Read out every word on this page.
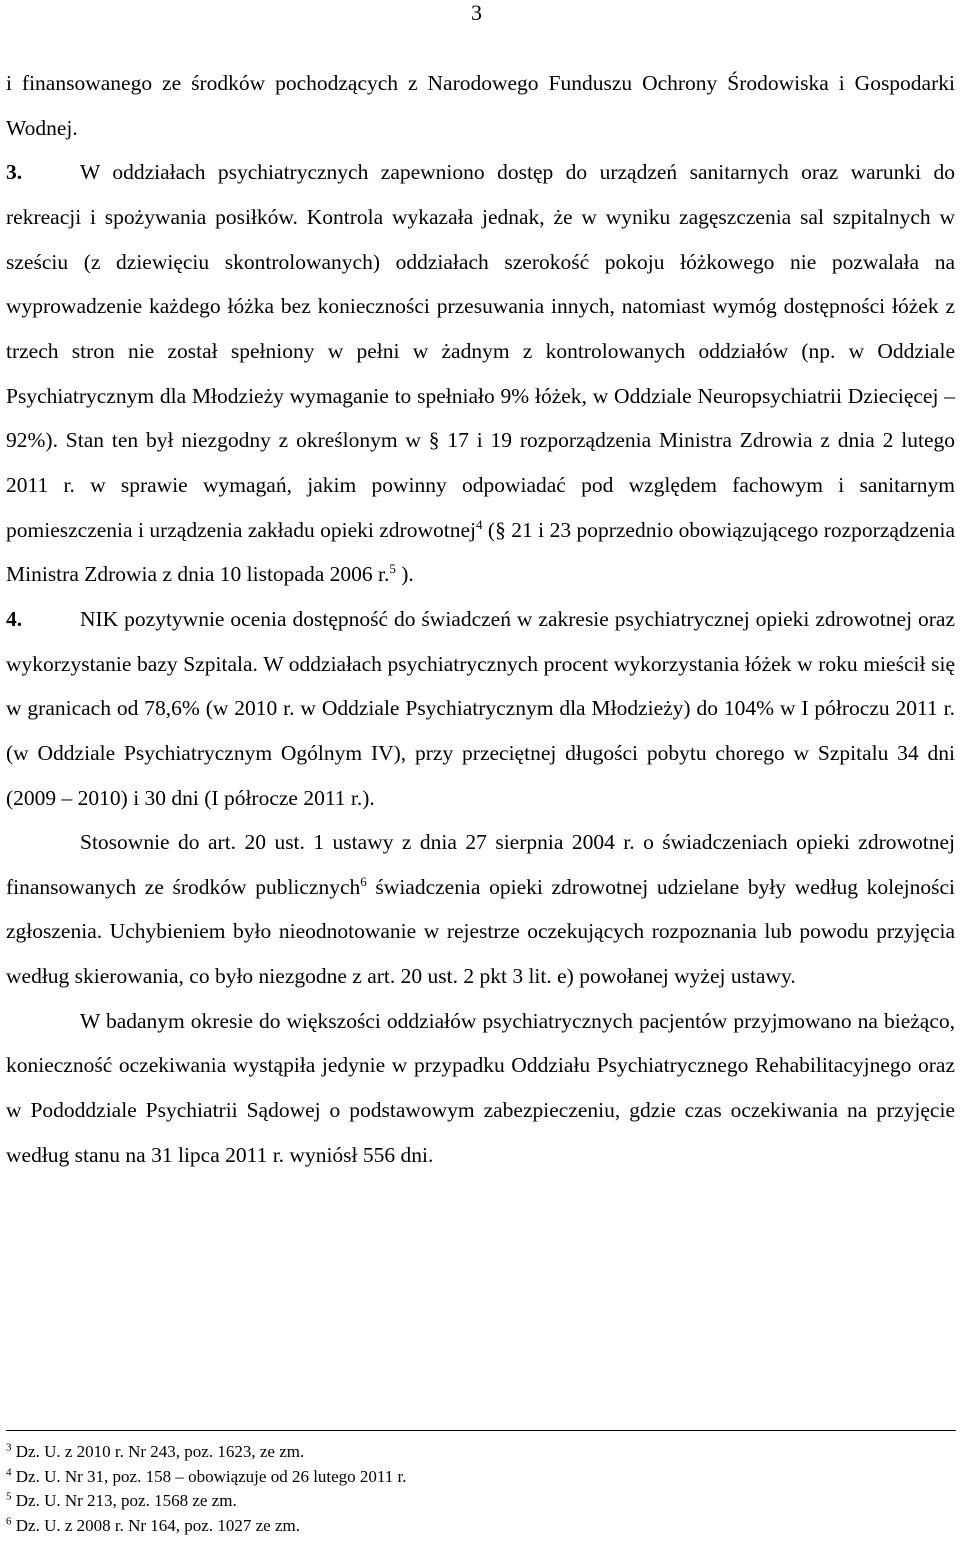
3

i finansowanego ze środków pochodzących z Narodowego Funduszu Ochrony Środowiska i Gospodarki Wodnej.

3.	W oddziałach psychiatrycznych zapewniono dostęp do urządzeń sanitarnych oraz warunki do rekreacji i spożywania posiłków. Kontrola wykazała jednak, że w wyniku zagęszczenia sal szpitalnych w sześciu (z dziewięciu skontrolowanych) oddziałach szerokość pokoju łóżkowego nie pozwalała na wyprowadzenie każdego łóżka bez konieczności przesuwania innych, natomiast wymóg dostępności łóżek z trzech stron nie został spełniony w pełni w żadnym z kontrolowanych oddziałów (np. w Oddziale Psychiatrycznym dla Młodzieży wymaganie to spełniało 9% łóżek, w Oddziale Neuropsychiatrii Dziecięcej – 92%). Stan ten był niezgodny z określonym w § 17 i 19 rozporządzenia Ministra Zdrowia z dnia 2 lutego 2011 r. w sprawie wymagań, jakim powinny odpowiadać pod względem fachowym i sanitarnym pomieszczenia i urządzenia zakładu opieki zdrowotnej$^4$ (§ 21 i 23 poprzednio obowiązującego rozporządzenia Ministra Zdrowia z dnia 10 listopada 2006 r.$^5$ ).

4.	NIK pozytywnie ocenia dostępność do świadczeń w zakresie psychiatrycznej opieki zdrowotnej oraz wykorzystanie bazy Szpitala. W oddziałach psychiatrycznych procent wykorzystania łóżek w roku mieścił się w granicach od 78,6% (w 2010 r. w Oddziale Psychiatrycznym dla Młodzieży) do 104% w I półroczu 2011 r. (w Oddziale Psychiatrycznym Ogólnym IV), przy przeciętnej długości pobytu chorego w Szpitalu 34 dni (2009 – 2010) i 30 dni (I półrocze 2011 r.).

Stosownie do art. 20 ust. 1 ustawy z dnia 27 sierpnia 2004 r. o świadczeniach opieki zdrowotnej finansowanych ze środków publicznych$^6$ świadczenia opieki zdrowotnej udzielane były według kolejności zgłoszenia. Uchybieniem było nieodnotowanie w rejestrze oczekujących rozpoznania lub powodu przyjęcia według skierowania, co było niezgodne z art. 20 ust. 2 pkt 3 lit. e) powołanej wyżej ustawy.

W badanym okresie do większości oddziałów psychiatrycznych pacjentów przyjmowano na bieżąco, konieczność oczekiwania wystąpiła jedynie w przypadku Oddziału Psychiatrycznego Rehabilitacyjnego oraz w Pododdziale Psychiatrii Sądowej o podstawowym zabezpieczeniu, gdzie czas oczekiwania na przyjęcie według stanu na 31 lipca 2011 r. wyniósł 556 dni.

$^3$ Dz. U. z 2010 r. Nr 243, poz. 1623, ze zm.
$^4$ Dz. U. Nr 31, poz. 158 – obowiązuje od 26 lutego 2011 r.
$^5$ Dz. U. Nr 213, poz. 1568 ze zm.
$^6$ Dz. U. z 2008 r. Nr 164, poz. 1027 ze zm.
